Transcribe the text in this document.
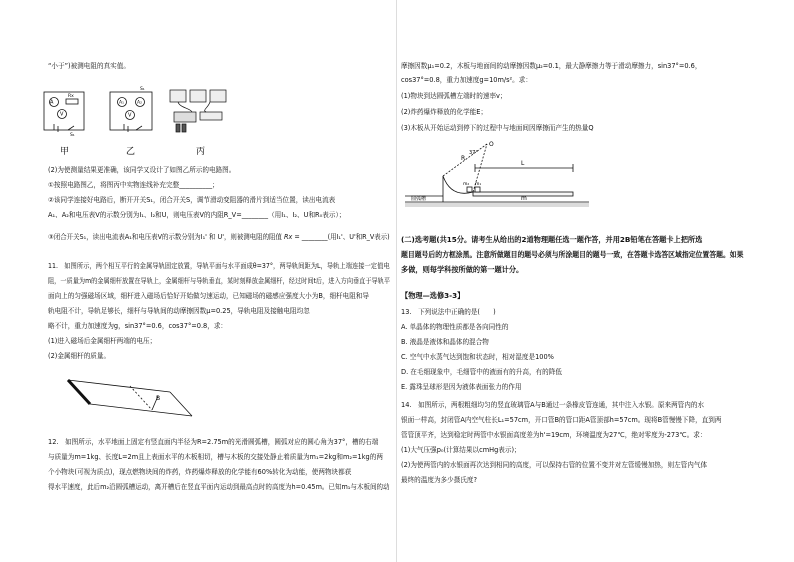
“小于”)被测电阻的真实值。
A
V
Rx
S₁
A₁	A₂
V
S₁
甲	乙	丙
(2)为使测量结果更准确，该同学又设计了如图乙所示的电路图。
①按照电路图乙，将图丙中实物连线补充完整__________；
②该同学连接好电路后，断开开关S₁，闭合开关S，调节滑动变阻器的滑片到适当位置，读出电流表
A₁、A₂和电压表V的示数分别为I₁、I₂和U，则电压表V的内阻R_V=________（用I₁、I₂、U和R₀表示）；
③闭合开关S₁，读出电流表A₁和电压表V的示数分别为I₁' 和 U'，则被测电阻的阻值 Rx = ________(用I₁'、U'和R_V表示)
11.　如图所示，两个相互平行的金属导轨固定放置，导轨平面与水平面成θ=37°，两导轨间距为L，导轨上端连接一定值电
阻，一质量为m的金属细杆放置在导轨上，金属细杆与导轨垂直，某时刻释放金属细杆，经过时间t后，进入方向垂直于导轨平
面向上的匀强磁场区域，细杆进入磁场后恰好开始做匀速运动，已知磁场的磁感应强度大小为B，细杆电阻和导
轨电阻不计，导轨足够长，细杆与导轨间的动摩擦因数μ=0.25，导轨电阻及接触电阻均忽
略不计，重力加速度为g，sin37°=0.6，cos37°=0.8，求：
(1)进入磁场后金属细杆两端的电压；
(2)金属细杆的质量。
B
12.　如图所示，水平地面上固定有竖直面内半径为R=2.75m的光滑圆弧槽，圆弧对应的圆心角为37°，槽的右端
与质量为m=1kg、长度L=2m且上表面水平的木板相切，槽与木板的交接处静止着质量为m₁=2kg和m₂=1kg的两
个小物块(可视为质点)，现点燃物块间的炸药，炸药爆炸释放的化学能有60%转化为动能，使两物块都获
得水平速度，此后m₂沿圆弧槽运动，离开槽后在竖直平面内运动到最高点时的高度为h=0.45m。已知m₁与木板间的动
摩擦因数μ₁=0.2，木板与地面间的动摩擦因数μ₂=0.1，最大静摩擦力等于滑动摩擦力，sin37°=0.6，
cos37°=0.8，重力加速度g=10m/s²。求：
(1)物块到达圆弧槽左端时的速率v；
(2)炸药爆炸释放的化学能E；
(3)木板从开始运动到停下的过程中与地面间因摩擦而产生的热量Q
R
37°
O
m₂ m₁
L
圆弧槽	m
(二)选考题(共15分。请考生从给出的2道物理题任选一题作答，并用2B铅笔在答题卡上把所选
题目题号后的方框涂黑。注意所做题目的题号必须与所涂题目的题号一致，在答题卡选答区域指定位置答题。如果
多做，则每学科按所做的第一题计分。
【物理—选修3-3】
13.　下列说法中正确的是(　　)
A. 单晶体的物理性质都是各向同性的
B. 液晶是液体和晶体的混合物
C. 空气中水蒸气达到饱和状态时，相对湿度是100%
D. 在毛细现象中，毛细管中的液面有的升高，有的降低
E. 露珠呈球形是因为液体表面张力的作用
14.　如图所示，两根粗细均匀的竖直玻璃管A与B通过一条橡皮管连通，其中注入水银。原来两管内的水
银面一样高，封闭管A内空气柱长L₁=57cm，开口管B的管口距A管顶部h=57cm。现将B管慢慢下降，直到两
管管顶平齐，达到稳定时两管中水银面高度差为h'=19cm，环境温度为27℃，绝对零度为-273℃。求：
(1)大气压强p₀(计算结果以cmHg表示)；
(2)为使两管内的水银面再次达到相同的高度，可以保持右管的位置不变并对左管缓慢加热，则左管内气体
最终的温度为多少摄氏度?
